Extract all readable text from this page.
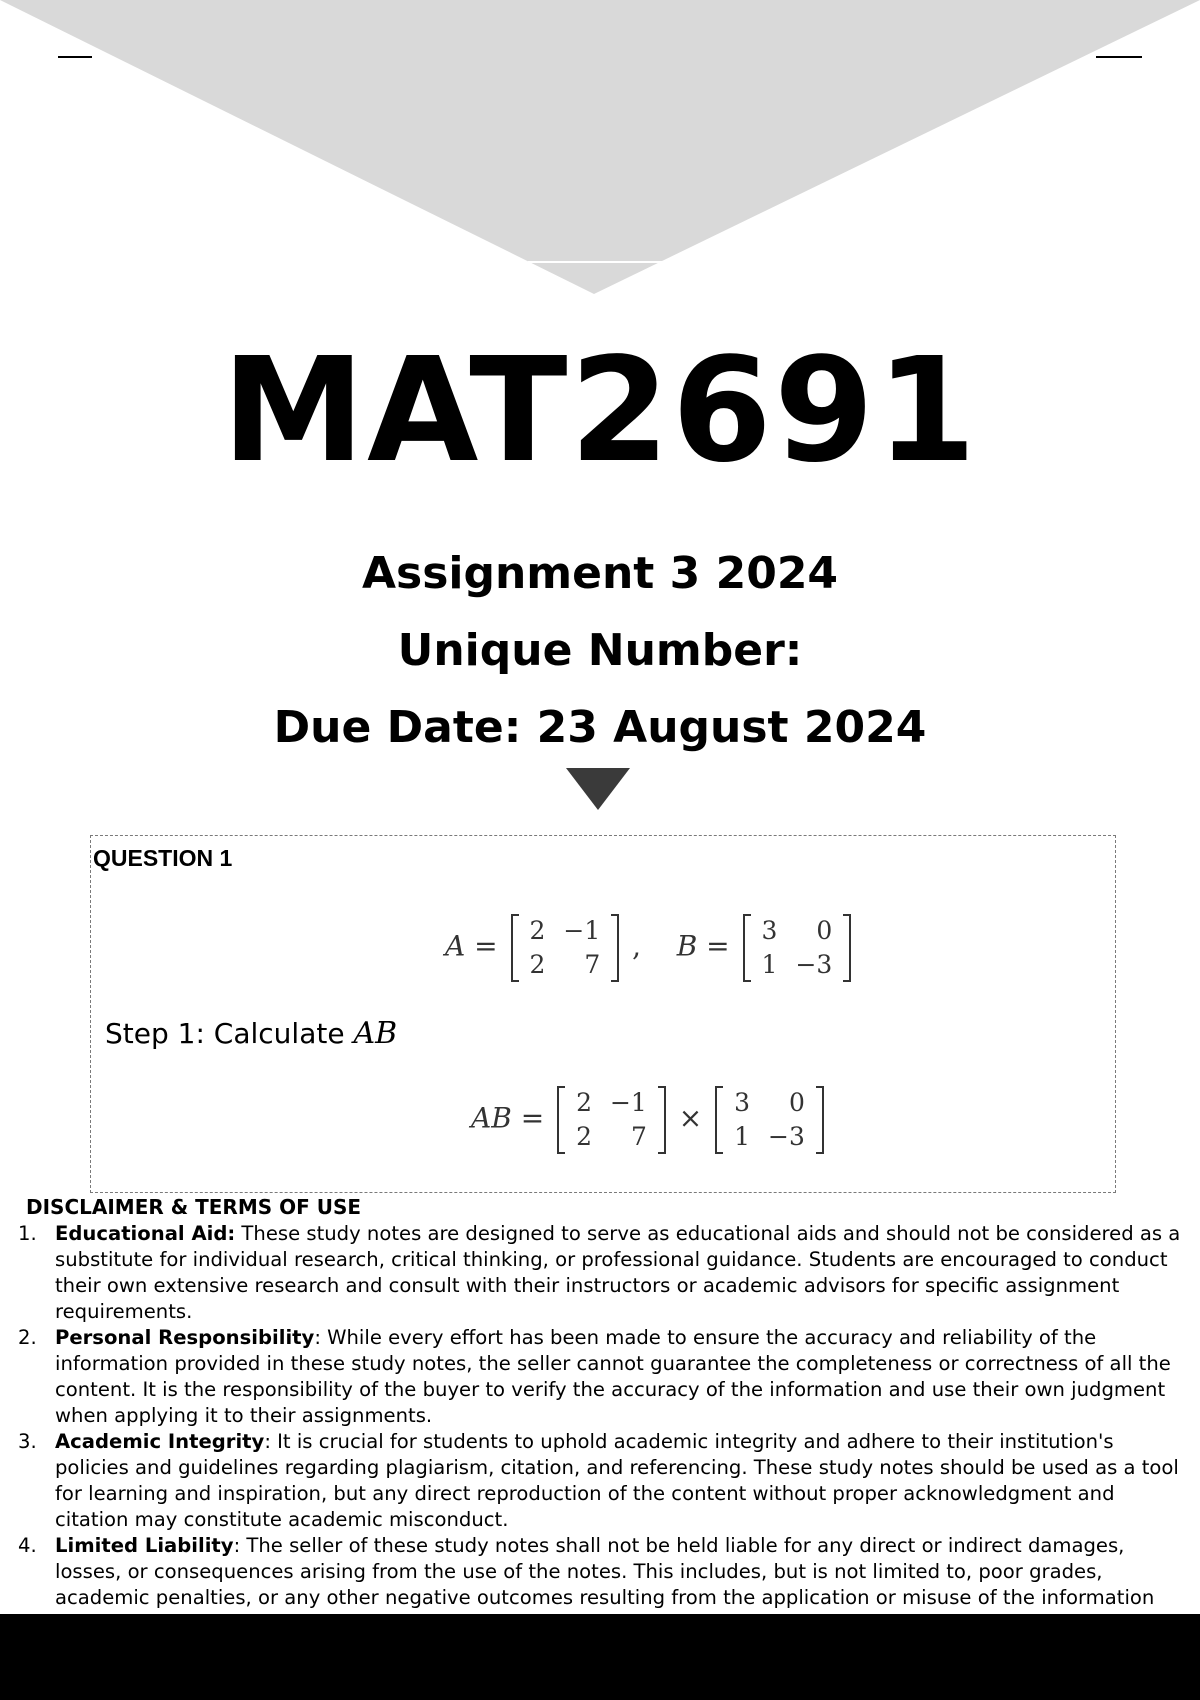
MAT2691
Assignment 3 2024
Unique Number:
Due Date: 23 August 2024
QUESTION 1
A = 2	−1
2	7
, B = 3	0
1	−3
Step 1: Calculate AB
AB = 2	−1
2	7
× 3	0
1	−3
DISCLAIMER & TERMS OF USE
1. Educational Aid: These study notes are designed to serve as educational aids and should not be considered as a substitute for individual research, critical thinking, or professional guidance. Students are encouraged to conduct their own extensive research and consult with their instructors or academic advisors for specific assignment requirements.
2. Personal Responsibility: While every effort has been made to ensure the accuracy and reliability of the information provided in these study notes, the seller cannot guarantee the completeness or correctness of all the content. It is the responsibility of the buyer to verify the accuracy of the information and use their own judgment when applying it to their assignments.
3. Academic Integrity: It is crucial for students to uphold academic integrity and adhere to their institution's policies and guidelines regarding plagiarism, citation, and referencing. These study notes should be used as a tool for learning and inspiration, but any direct reproduction of the content without proper acknowledgment and citation may constitute academic misconduct.
4. Limited Liability: The seller of these study notes shall not be held liable for any direct or indirect damages, losses, or consequences arising from the use of the notes. This includes, but is not limited to, poor grades, academic penalties, or any other negative outcomes resulting from the application or misuse of the information
